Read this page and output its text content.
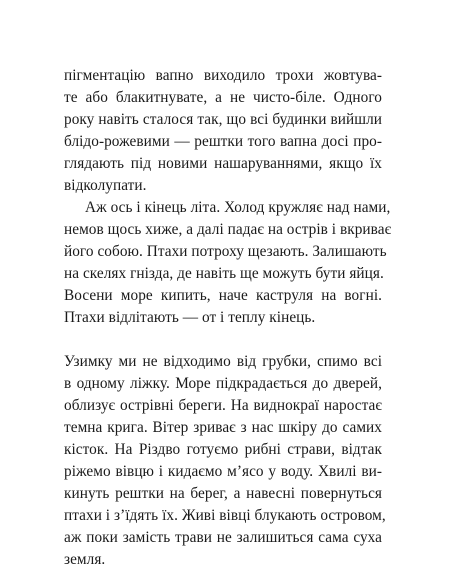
пігментацію вапно виходило трохи жовтува-
те або блакитнувате, а не чисто-біле. Одного
року навіть сталося так, що всі будинки вийшли
блідо-рожевими — рештки того вапна досі про-
глядають під новими нашаруваннями, якщо їх
відколупати.
Аж ось і кінець літа. Холод кружляє над нами,
немов щось хиже, а далі падає на острів і вкриває
його собою. Птахи потроху щезають. Залишають
на скелях гнізда, де навіть ще можуть бути яйця.
Восени море кипить, наче каструля на вогні.
Птахи відлітають — от і теплу кінець.
Узимку ми не відходимо від грубки, спимо всі
в одному ліжку. Море підкрадається до дверей,
облизує острівні береги. На виднокраї наростає
темна крига. Вітер зриває з нас шкіру до самих
кісток. На Різдво готуємо рибні страви, відтак
ріжемо вівцю і кидаємо м’ясо у воду. Хвилі ви-
кинуть рештки на берег, а навесні повернуться
птахи і з’їдять їх. Живі вівці блукають островом,
аж поки замість трави не залишиться сама суха
земля.
